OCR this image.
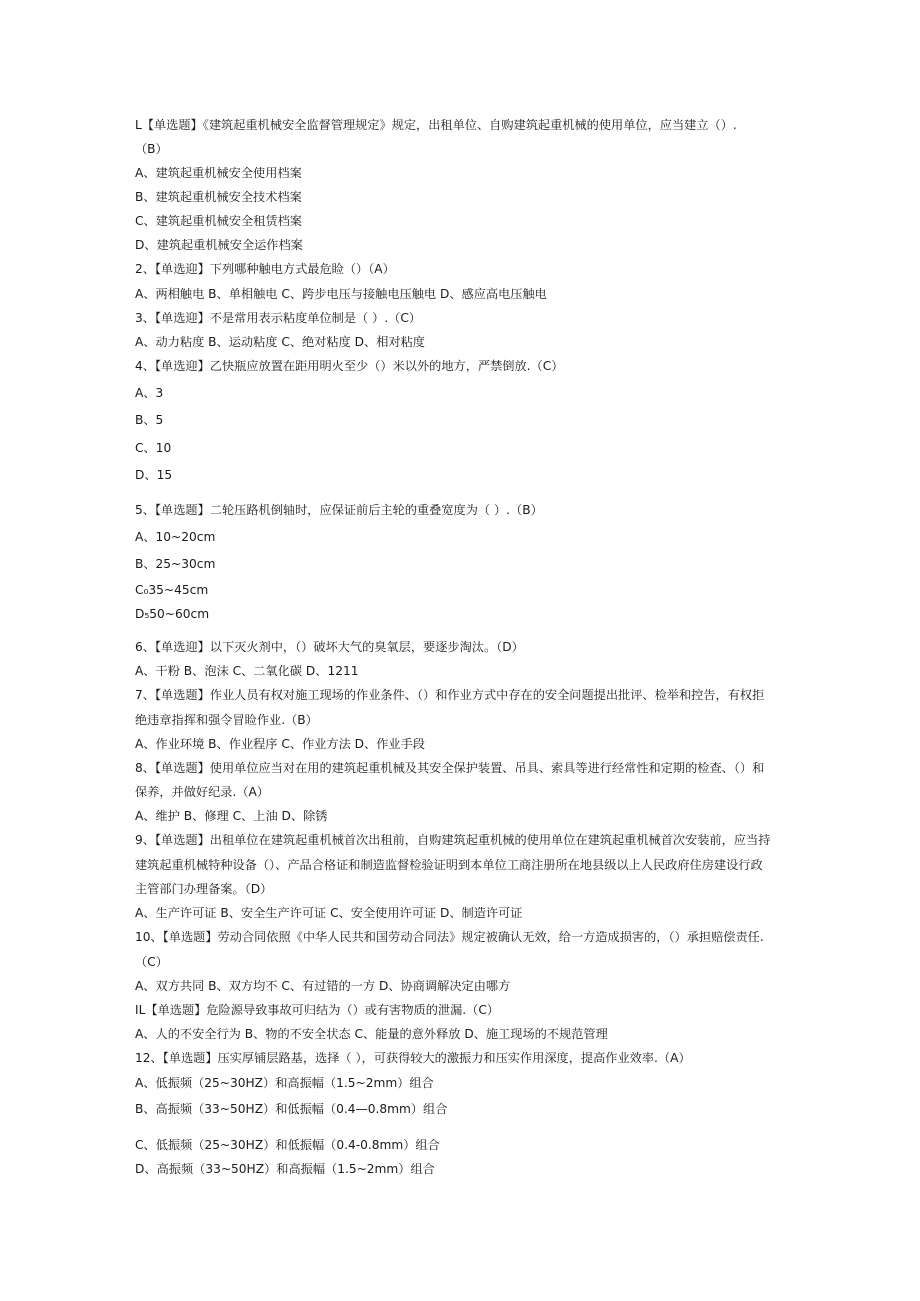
L【单选题】《建筑起重机械安全监督管理规定》规定，出租单位、自购建筑起重机械的使用单位，应当建立（）.
（B）
A、建筑起重机械安全使用档案
B、建筑起重机械安全技术档案
C、建筑起重机械安全租赁档案
D、建筑起重机械安全运作档案
2、【单选迎】下列哪种触电方式最危睑（）（A）
A、两相触电 B、单相触电 C、跨步电压与接触电压触电 D、感应高电压触电
3、【单选迎】不是常用表示粘度单位制是（ ）.（C）
A、动力粘度 B、运动粘度 C、绝对粘度 D、相对粘度
4、【单选迎】乙快瓶应放置在距用明火至少（）米以外的地方，严禁倒放.（C）
A、3
B、5
C、10
D、15
5、【单选题】二轮压路机倒轴时，应保证前后主轮的重叠宽度为（ ）.（B）
A、10~20cm
B、25~30cm
C₀35~45cm
D₅50~60cm
6、【单选迎】以下灭火剂中，（）破坏大气的臭氧层，要逐步淘汰。（D）
A、干粉 B、泡沫 C、二氧化碳 D、1211
7、【单选题】作业人员有权对施工现场的作业条件、（）和作业方式中存在的安全问题提出批评、检举和控告，有权拒
绝违章指挥和强令冒睑作业.（B）
A、作业环境 B、作业程序 C、作业方法 D、作业手段
8、【单选题】使用单位应当对在用的建筑起重机械及其安全保护装置、吊具、索具等进行经常性和定期的检查、（）和
保养，并做好纪录.（A）
A、维护 B、修理 C、上油 D、除锈
9、【单选题】出租单位在建筑起重机械首次出租前，自购建筑起重机械的使用单位在建筑起重机械首次安装前，应当持
建筑起重机械特种设备（）、产品合格证和制造监督检验证明到本单位工商注册所在地县级以上人民政府住房建设行政
主管部门办理备案。（D）
A、生产许可证 B、安全生产许可证 C、安全使用许可证 D、制造许可证
10、【单选题】劳动合同依照《中华人民共和国劳动合同法》规定被确认无效，给一方造成损害的，（）承担赔偿责任.
（C）
A、双方共同 B、双方均不 C、有过错的一方 D、协商调解决定由哪方
IL【单选题】危险源导致事故可归结为（）或有害物质的泄漏.（C）
A、人的不安全行为 B、物的不安全状态 C、能量的意外释放 D、施工现场的不规范管理
12、【单选题】压实厚铺层路基，选择（ ），可获得较大的激振力和压实作用深度，提高作业效率.（A）
A、低振频（25~30HZ）和高振幅（1.5~2mm）组合
B、高振频（33~50HZ）和低振幅（0.4—0.8mm）组合
C、低振频（25~30HZ）和低振幅（0.4-0.8mm）组合
D、高振频（33~50HZ）和高振幅（1.5~2mm）组合
